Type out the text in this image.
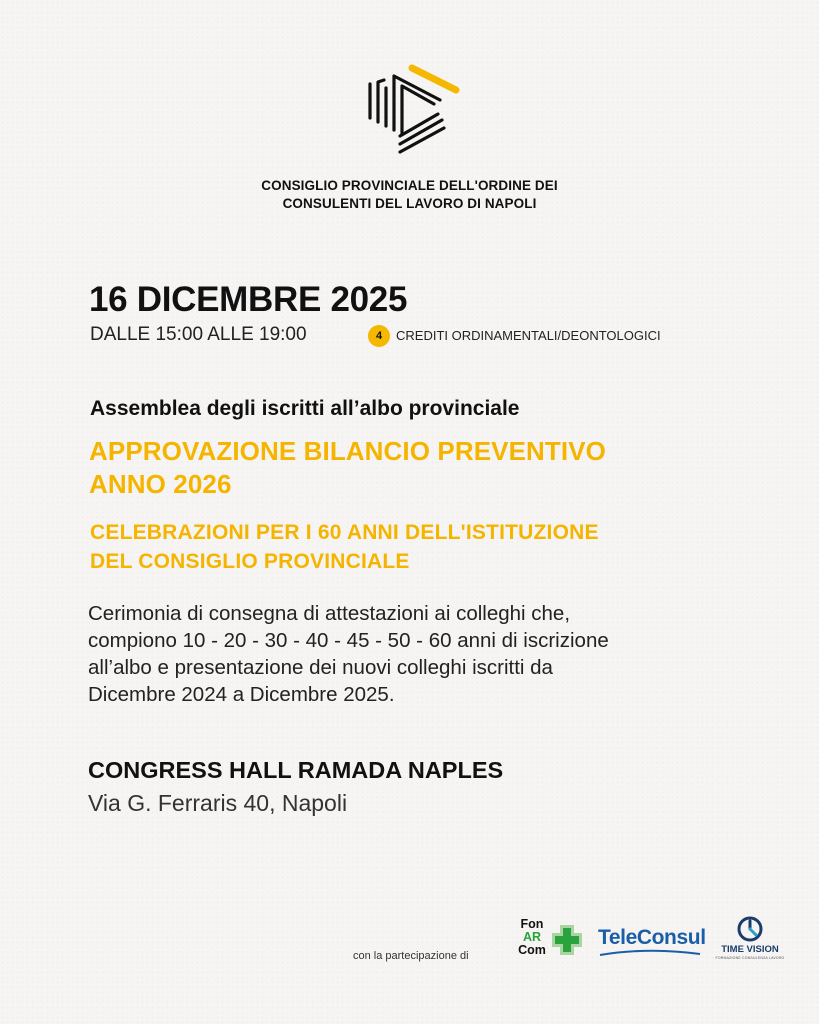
CONSIGLIO PROVINCIALE DELL'ORDINE DEI
CONSULENTI DEL LAVORO DI NAPOLI
16 DICEMBRE 2025
DALLE 15:00 ALLE 19:00	4	CREDITI ORDINAMENTALI/DEONTOLOGICI
Assemblea degli iscritti all’albo provinciale
APPROVAZIONE BILANCIO PREVENTIVO
ANNO 2026
CELEBRAZIONI PER I 60 ANNI DELL'ISTITUZIONE
DEL CONSIGLIO PROVINCIALE
Cerimonia di consegna di attestazioni ai colleghi che,
compiono 10 - 20 - 30 - 40 - 45 - 50 - 60 anni di iscrizione
all’albo e presentazione dei nuovi colleghi iscritti da
Dicembre 2024 a Dicembre 2025.
CONGRESS HALL RAMADA NAPLES
Via G. Ferraris 40, Napoli
con la partecipazione di
Fon
AR
Com
TeleConsul
TIME VISION
FORMAZIONE CONSULENZA LAVORO
